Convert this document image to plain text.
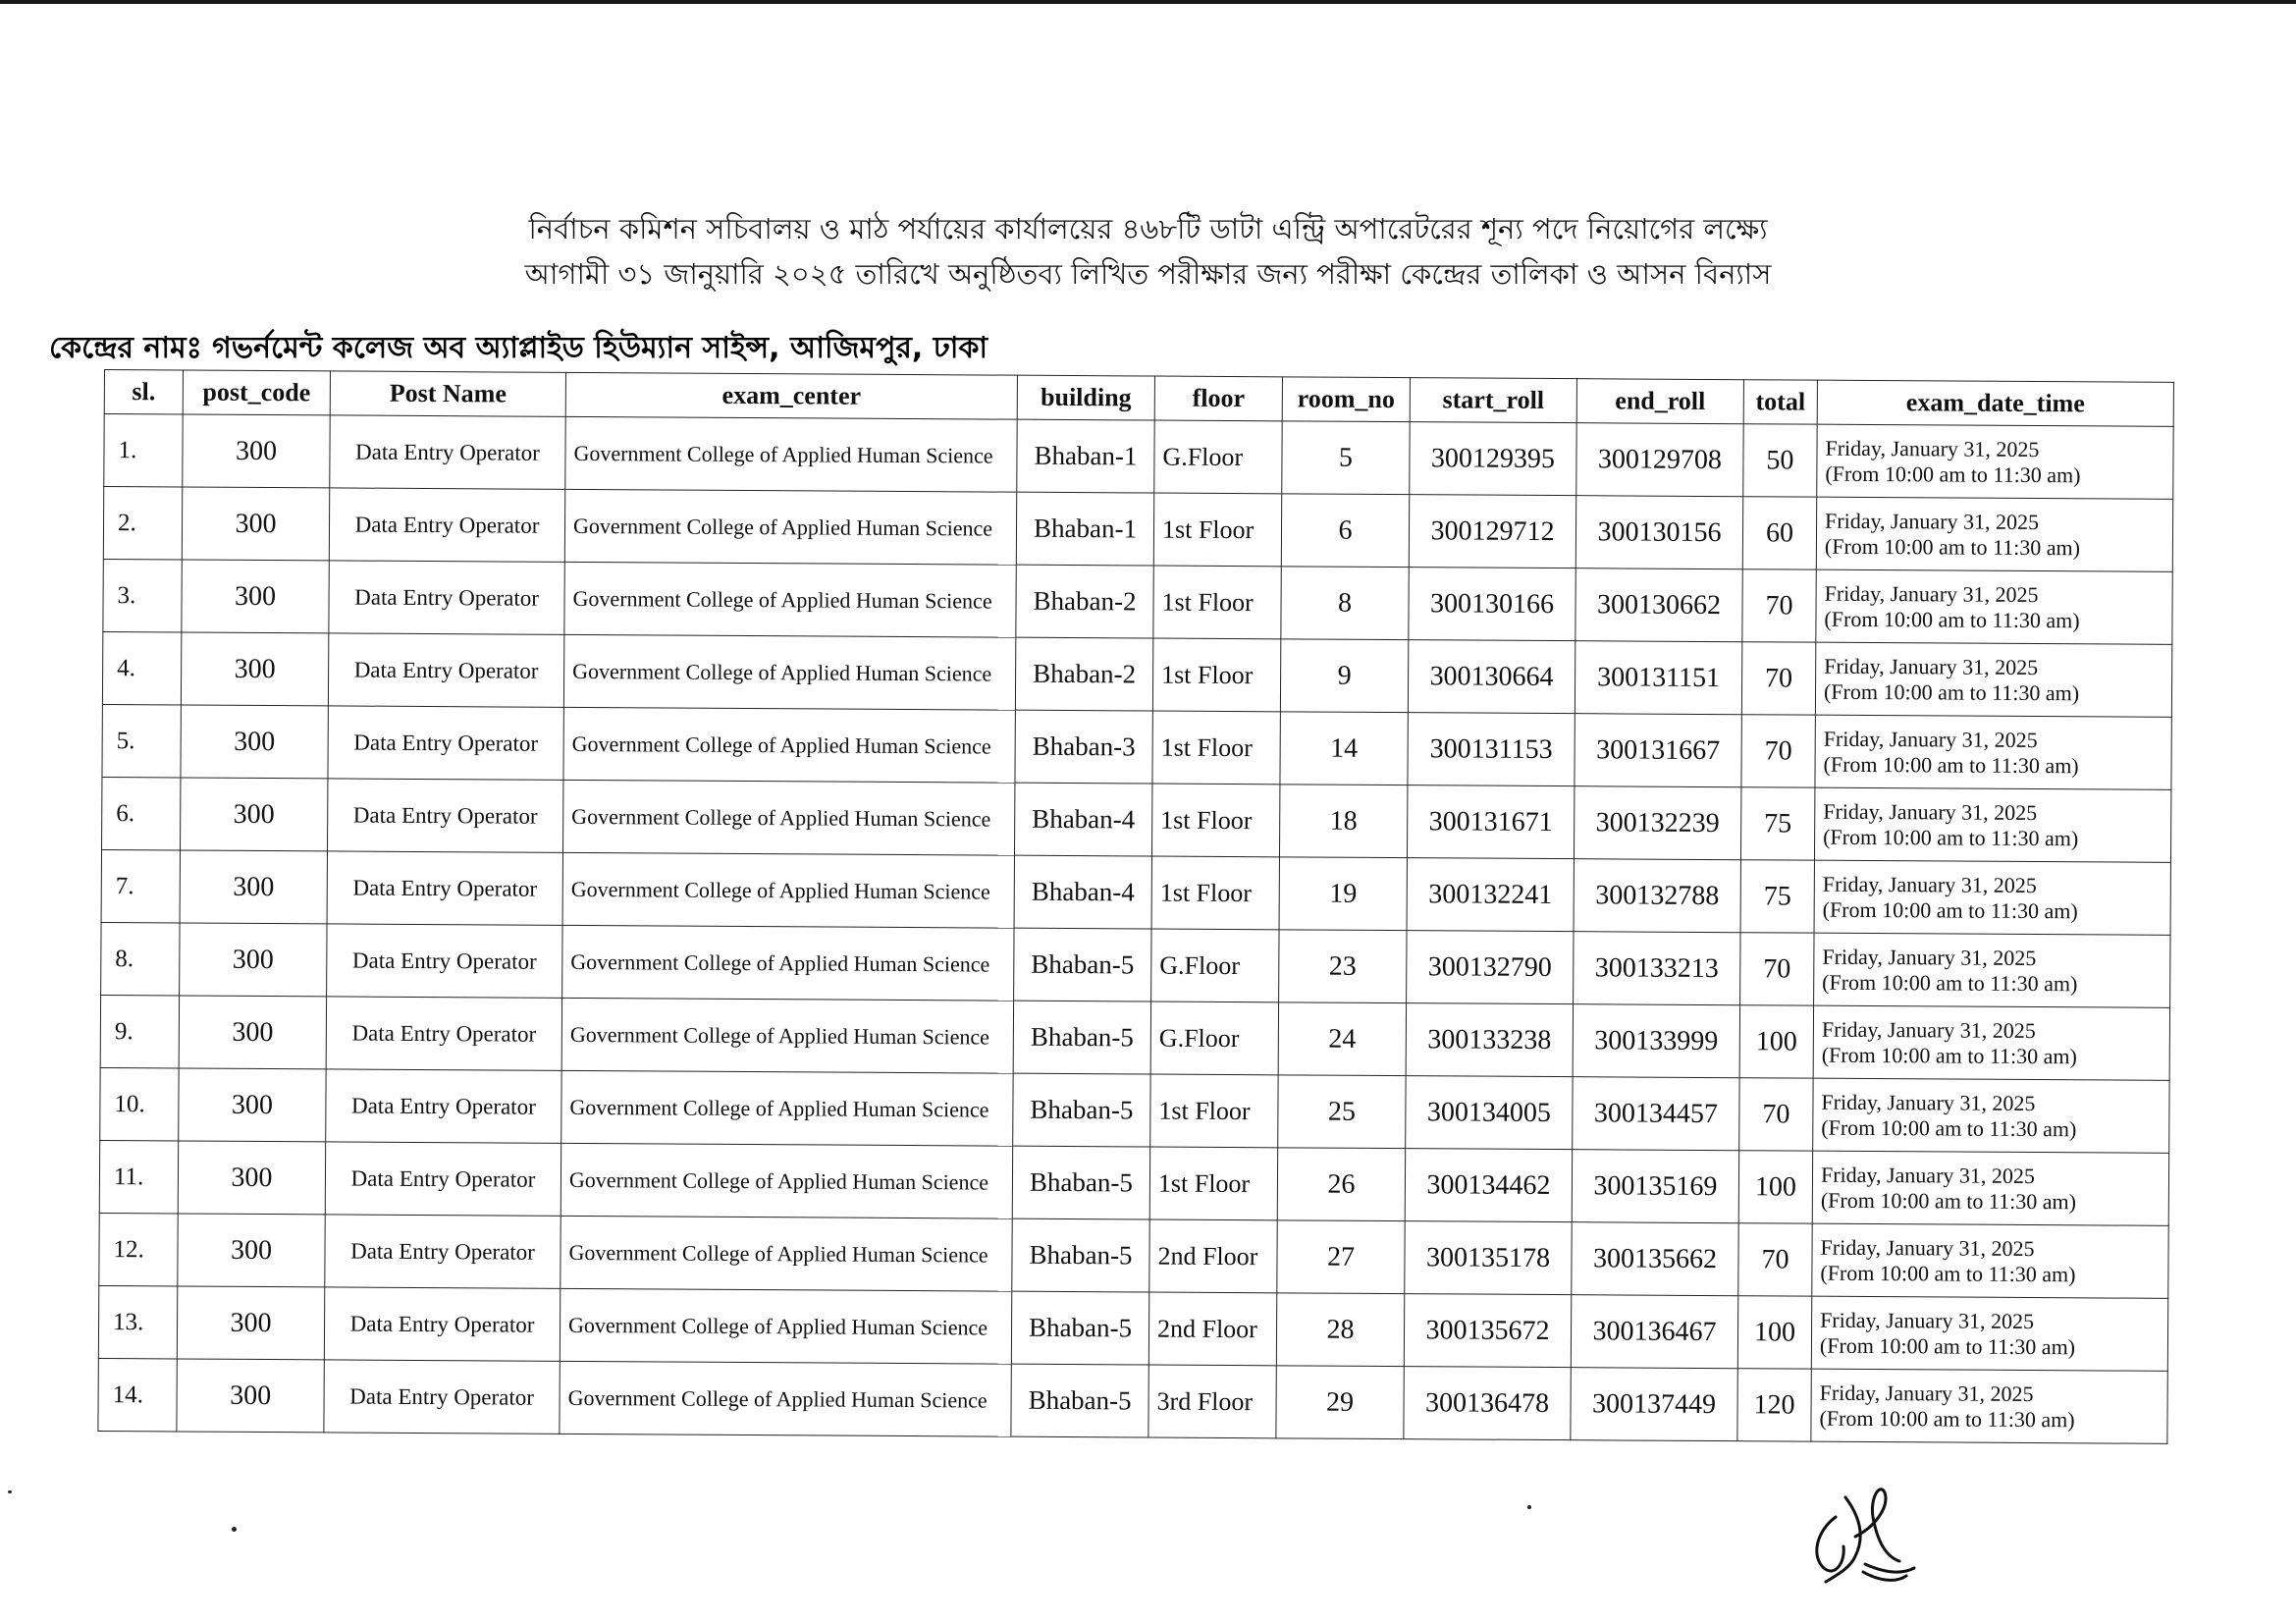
নির্বাচন কমিশন সচিবালয় ও মাঠ পর্যায়ের কার্যালয়ের ৪৬৮টি ডাটা এন্ট্রি অপারেটরের শূন্য পদে নিয়োগের লক্ষ্যে
আগামী ৩১ জানুয়ারি ২০২৫ তারিখে অনুষ্ঠিতব্য লিখিত পরীক্ষার জন্য পরীক্ষা কেন্দ্রের তালিকা ও আসন বিন্যাস
কেন্দ্রের নামঃ গভর্নমেন্ট কলেজ অব অ্যাপ্লাইড হিউম্যান সাইন্স, আজিমপুর, ঢাকা
sl.	post_code	Post Name	exam_center	building	floor	room_no	start_roll	end_roll	total	exam_date_time
1.	300	Data Entry Operator	Government College of Applied Human Science	Bhaban-1	G.Floor	5	300129395	300129708	50	Friday, January 31, 2025
(From 10:00 am to 11:30 am)

2.	300	Data Entry Operator	Government College of Applied Human Science	Bhaban-1	1st Floor	6	300129712	300130156	60	Friday, January 31, 2025
(From 10:00 am to 11:30 am)

3.	300	Data Entry Operator	Government College of Applied Human Science	Bhaban-2	1st Floor	8	300130166	300130662	70	Friday, January 31, 2025
(From 10:00 am to 11:30 am)

4.	300	Data Entry Operator	Government College of Applied Human Science	Bhaban-2	1st Floor	9	300130664	300131151	70	Friday, January 31, 2025
(From 10:00 am to 11:30 am)

5.	300	Data Entry Operator	Government College of Applied Human Science	Bhaban-3	1st Floor	14	300131153	300131667	70	Friday, January 31, 2025
(From 10:00 am to 11:30 am)

6.	300	Data Entry Operator	Government College of Applied Human Science	Bhaban-4	1st Floor	18	300131671	300132239	75	Friday, January 31, 2025
(From 10:00 am to 11:30 am)

7.	300	Data Entry Operator	Government College of Applied Human Science	Bhaban-4	1st Floor	19	300132241	300132788	75	Friday, January 31, 2025
(From 10:00 am to 11:30 am)

8.	300	Data Entry Operator	Government College of Applied Human Science	Bhaban-5	G.Floor	23	300132790	300133213	70	Friday, January 31, 2025
(From 10:00 am to 11:30 am)

9.	300	Data Entry Operator	Government College of Applied Human Science	Bhaban-5	G.Floor	24	300133238	300133999	100	Friday, January 31, 2025
(From 10:00 am to 11:30 am)

10.	300	Data Entry Operator	Government College of Applied Human Science	Bhaban-5	1st Floor	25	300134005	300134457	70	Friday, January 31, 2025
(From 10:00 am to 11:30 am)

11.	300	Data Entry Operator	Government College of Applied Human Science	Bhaban-5	1st Floor	26	300134462	300135169	100	Friday, January 31, 2025
(From 10:00 am to 11:30 am)

12.	300	Data Entry Operator	Government College of Applied Human Science	Bhaban-5	2nd Floor	27	300135178	300135662	70	Friday, January 31, 2025
(From 10:00 am to 11:30 am)

13.	300	Data Entry Operator	Government College of Applied Human Science	Bhaban-5	2nd Floor	28	300135672	300136467	100	Friday, January 31, 2025
(From 10:00 am to 11:30 am)

14.	300	Data Entry Operator	Government College of Applied Human Science	Bhaban-5	3rd Floor	29	300136478	300137449	120	Friday, January 31, 2025
(From 10:00 am to 11:30 am)
